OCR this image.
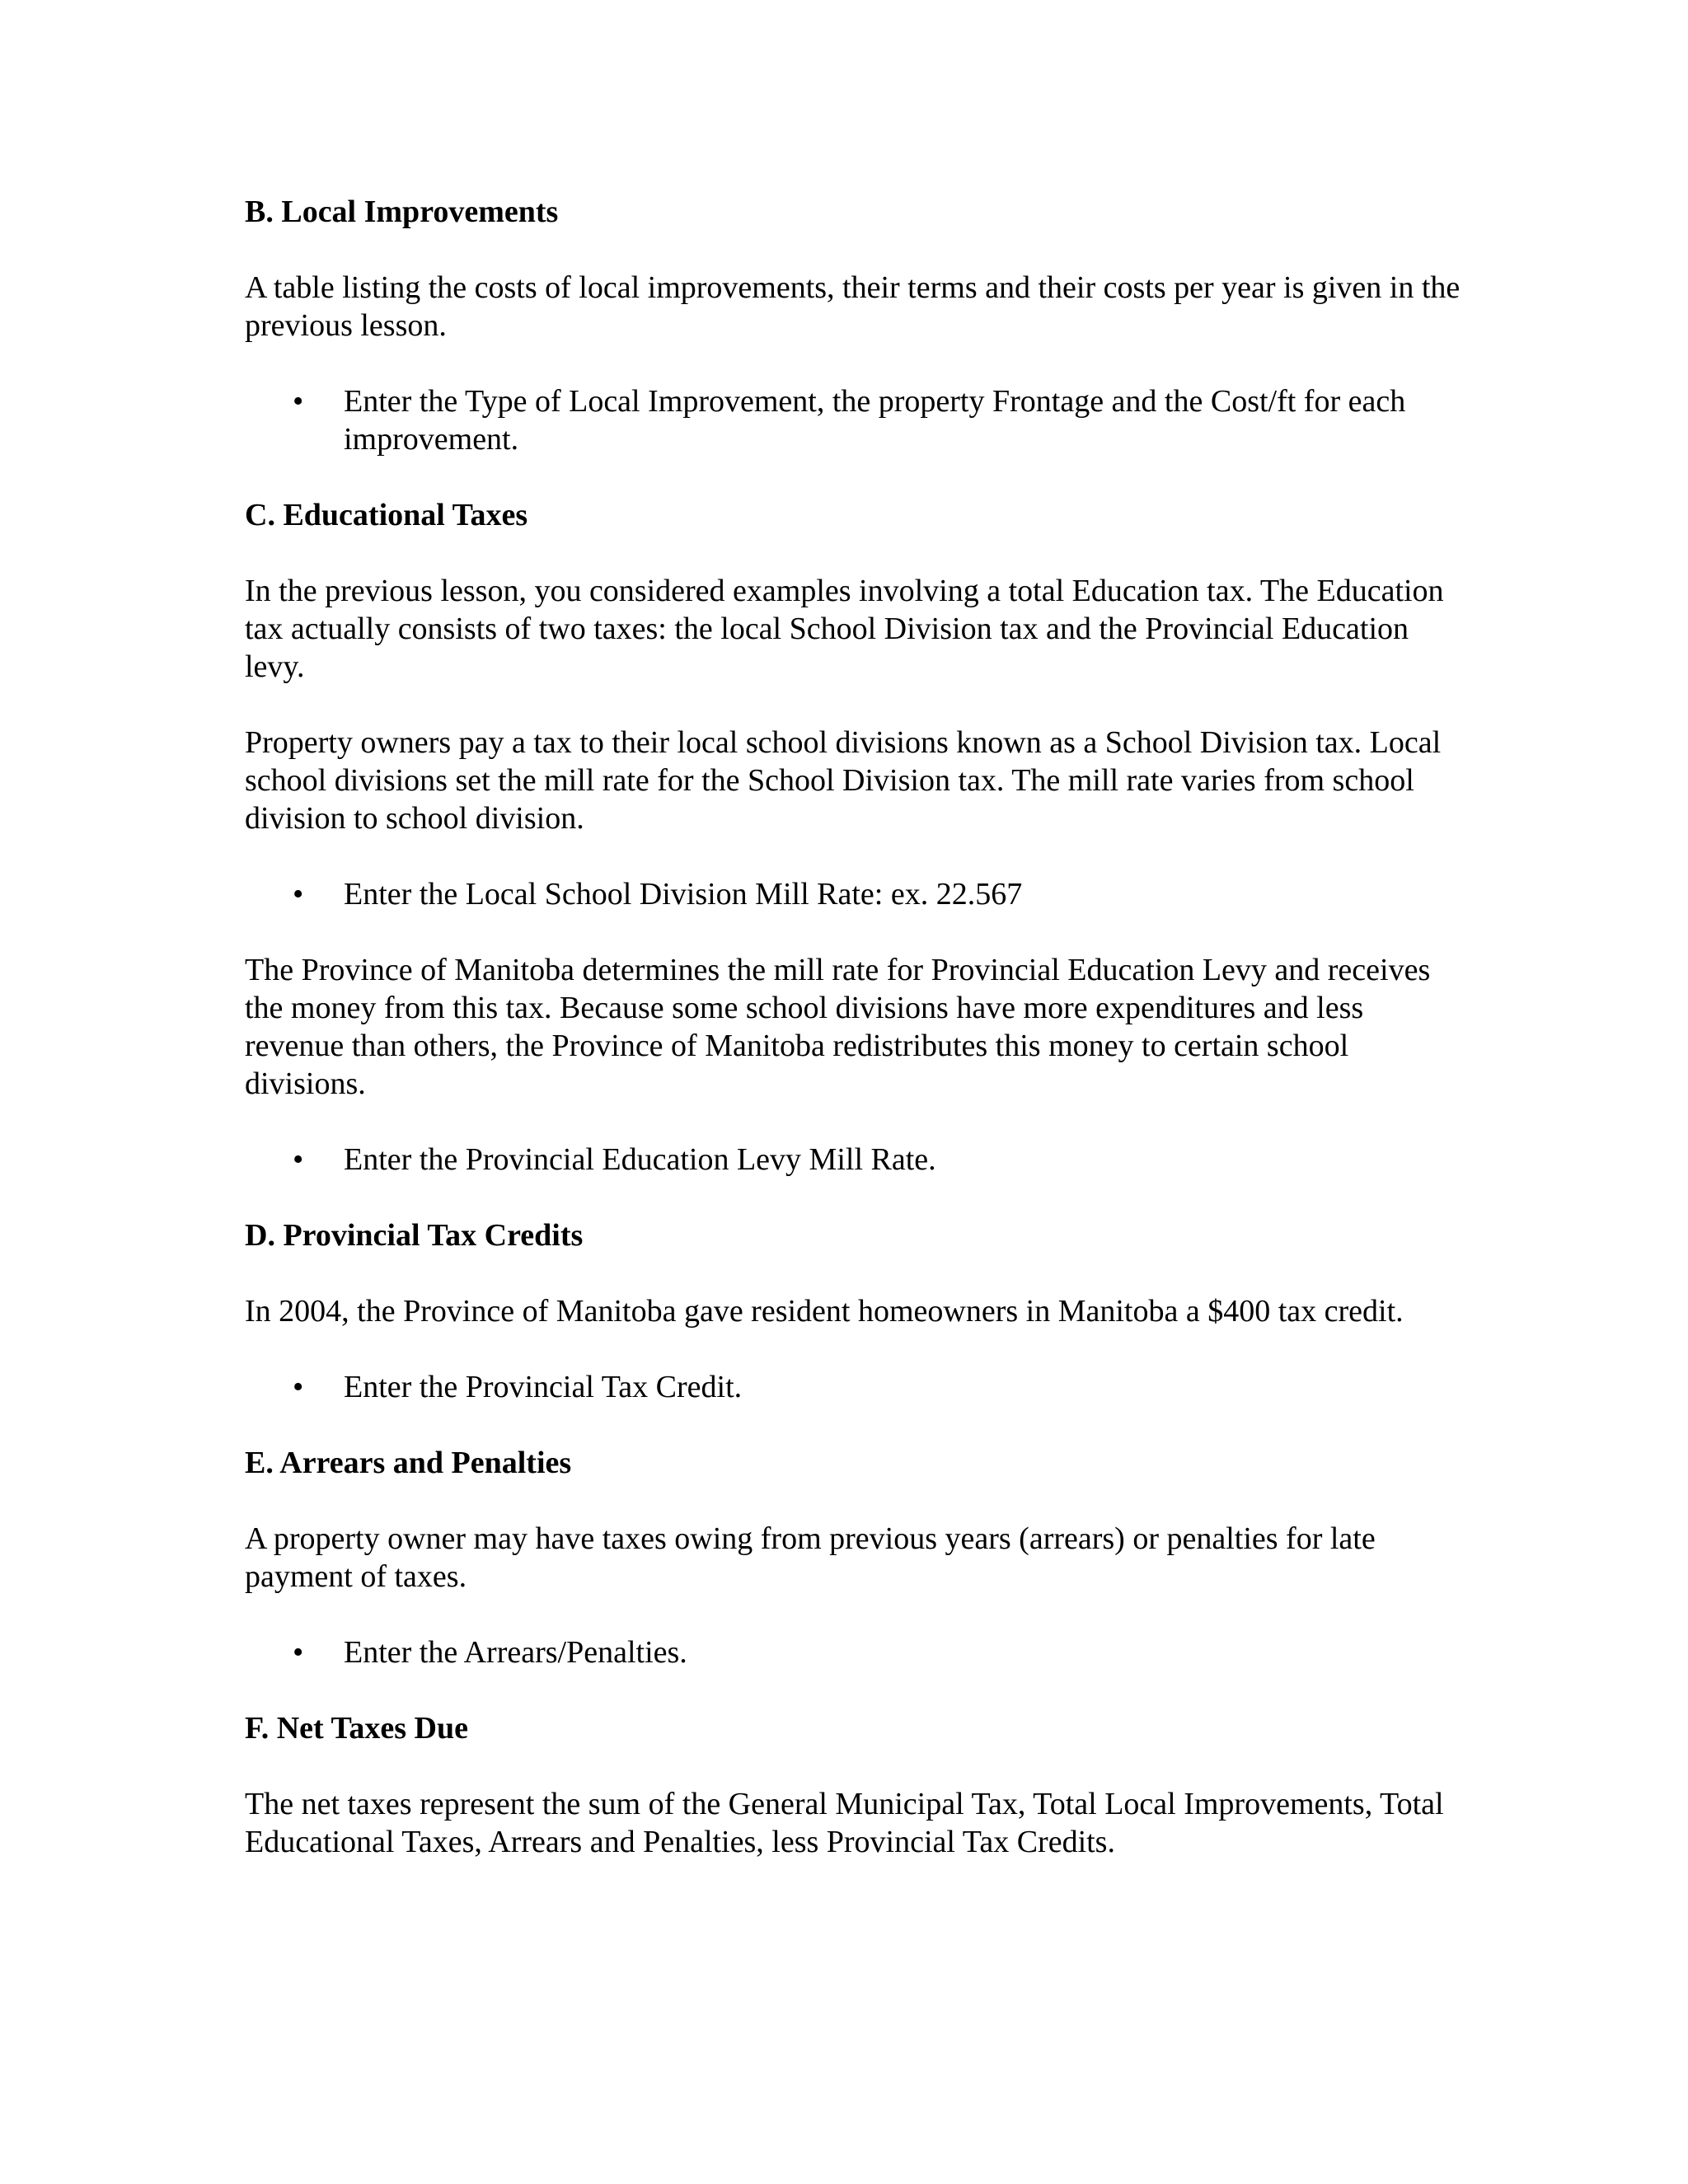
B. Local Improvements

A table listing the costs of local improvements, their terms and their costs per year is given in the previous lesson.

• Enter the Type of Local Improvement, the property Frontage and the Cost/ft for each improvement.
C. Educational Taxes

In the previous lesson, you considered examples involving a total Education tax. The Education tax actually consists of two taxes: the local School Division tax and the Provincial Education levy.

Property owners pay a tax to their local school divisions known as a School Division tax. Local school divisions set the mill rate for the School Division tax. The mill rate varies from school division to school division.

• Enter the Local School Division Mill Rate: ex. 22.567

The Province of Manitoba determines the mill rate for Provincial Education Levy and receives the money from this tax. Because some school divisions have more expenditures and less revenue than others, the Province of Manitoba redistributes this money to certain school divisions.

• Enter the Provincial Education Levy Mill Rate.
D. Provincial Tax Credits

In 2004, the Province of Manitoba gave resident homeowners in Manitoba a $400 tax credit.

• Enter the Provincial Tax Credit.
E. Arrears and Penalties

A property owner may have taxes owing from previous years (arrears) or penalties for late payment of taxes.

• Enter the Arrears/Penalties.
F. Net Taxes Due

The net taxes represent the sum of the General Municipal Tax, Total Local Improvements, Total Educational Taxes, Arrears and Penalties, less Provincial Tax Credits.
